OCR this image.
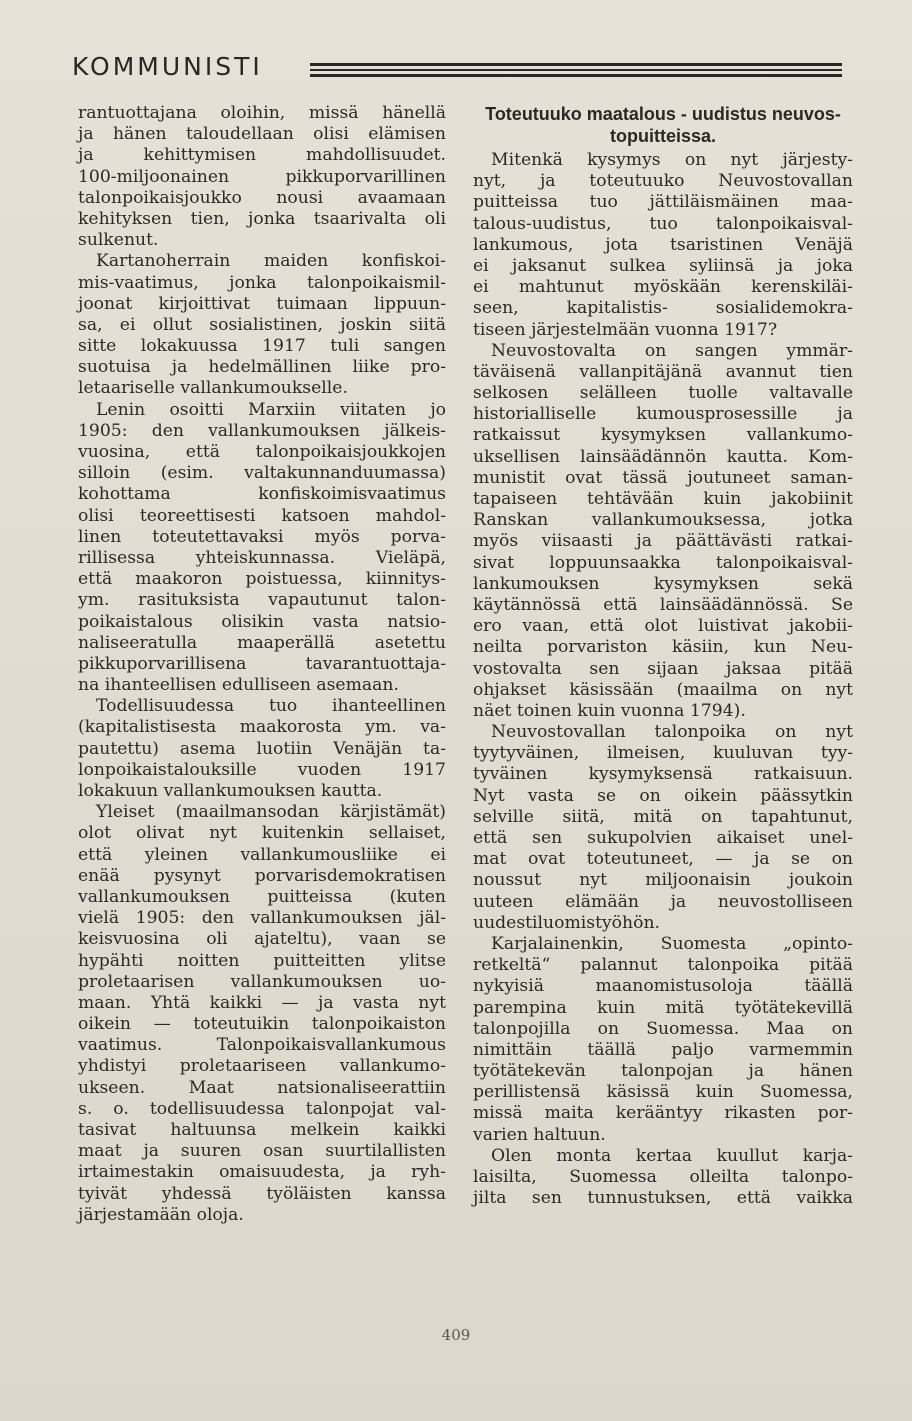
KOMMUNISTI
rantuottajana oloihin, missä hänellä
ja hänen taloudellaan olisi elämisen
ja kehittymisen mahdollisuudet.
100-miljoonainen pikkuporvarillinen
talonpoikaisjoukko nousi avaamaan
kehityksen tien, jonka tsaarivalta oli
sulkenut.
Kartanoherrain maiden konfiskoi-
mis-vaatimus, jonka talonpoikaismil-
joonat kirjoittivat tuimaan lippuun-
sa, ei ollut sosialistinen, joskin siitä
sitte lokakuussa 1917 tuli sangen
suotuisa ja hedelmällinen liike pro-
letaariselle vallankumoukselle.
Lenin osoitti Marxiin viitaten jo
1905: den vallankumouksen jälkeis-
vuosina, että talonpoikaisjoukkojen
silloin (esim. valtakunnanduumassa)
kohottama konfiskoimisvaatimus
olisi teoreettisesti katsoen mahdol-
linen toteutettavaksi myös porva-
rillisessa yhteiskunnassa. Vieläpä,
että maakoron poistuessa, kiinnitys-
ym. rasituksista vapautunut talon-
poikaistalous olisikin vasta natsio-
naliseeratulla maaperällä asetettu
pikkuporvarillisena tavarantuottaja-
na ihanteellisen edulliseen asemaan.
Todellisuudessa tuo ihanteellinen
(kapitalistisesta maakorosta ym. va-
pautettu) asema luotiin Venäjän ta-
lonpoikaistalouksille vuoden 1917
lokakuun vallankumouksen kautta.
Yleiset (maailmansodan kärjistämät)
olot olivat nyt kuitenkin sellaiset,
että yleinen vallankumousliike ei
enää pysynyt porvarisdemokratisen
vallankumouksen puitteissa (kuten
vielä 1905: den vallankumouksen jäl-
keisvuosina oli ajateltu), vaan se
hypähti noitten puitteitten ylitse
proletaarisen vallankumouksen uo-
maan. Yhtä kaikki — ja vasta nyt
oikein — toteutuikin talonpoikaiston
vaatimus. Talonpoikaisvallankumous
yhdistyi proletaariseen vallankumo-
ukseen. Maat natsionaliseerattiin
s. o. todellisuudessa talonpojat val-
tasivat haltuunsa melkein kaikki
maat ja suuren osan suurtilallisten
irtaimestakin omaisuudesta, ja ryh-
tyivät yhdessä työläisten kanssa
järjestamään oloja.
Toteutuuko maatalous - uudistus neuvos-
topuitteissa.
Mitenkä kysymys on nyt järjesty-
nyt, ja toteutuuko Neuvostovallan
puitteissa tuo jättiläismäinen maa-
talous-uudistus, tuo talonpoikaisval-
lankumous, jota tsaristinen Venäjä
ei jaksanut sulkea syliinsä ja joka
ei mahtunut myöskään kerenskiläi-
seen, kapitalistis- sosialidemokra-
tiseen järjestelmään vuonna 1917?
Neuvostovalta on sangen ymmär-
täväisenä vallanpitäjänä avannut tien
selkosen selälleen tuolle valtavalle
historialliselle kumousprosessille ja
ratkaissut kysymyksen vallankumo-
uksellisen lainsäädännön kautta. Kom-
munistit ovat tässä joutuneet saman-
tapaiseen tehtävään kuin jakobiinit
Ranskan vallankumouksessa, jotka
myös viisaasti ja päättävästi ratkai-
sivat loppuunsaakka talonpoikaisval-
lankumouksen kysymyksen sekä
käytännössä että lainsäädännössä. Se
ero vaan, että olot luistivat jakobii-
neilta porvariston käsiin, kun Neu-
vostovalta sen sijaan jaksaa pitää
ohjakset käsissään (maailma on nyt
näet toinen kuin vuonna 1794).
Neuvostovallan talonpoika on nyt
tyytyväinen, ilmeisen, kuuluvan tyy-
tyväinen kysymyksensä ratkaisuun.
Nyt vasta se on oikein päässytkin
selville siitä, mitä on tapahtunut,
että sen sukupolvien aikaiset unel-
mat ovat toteutuneet, — ja se on
noussut nyt miljoonaisin joukoin
uuteen elämään ja neuvostolliseen
uudestiluomistyöhön.
Karjalainenkin, Suomesta „opinto-
retkeltä“ palannut talonpoika pitää
nykyisiä maanomistusoloja täällä
parempina kuin mitä työtätekevillä
talonpojilla on Suomessa. Maa on
nimittäin täällä paljo varmemmin
työtätekevän talonpojan ja hänen
perillistensä käsissä kuin Suomessa,
missä maita kerääntyy rikasten por-
varien haltuun.
Olen monta kertaa kuullut karja-
laisilta, Suomessa olleilta talonpo-
jilta sen tunnustuksen, että vaikka
409
